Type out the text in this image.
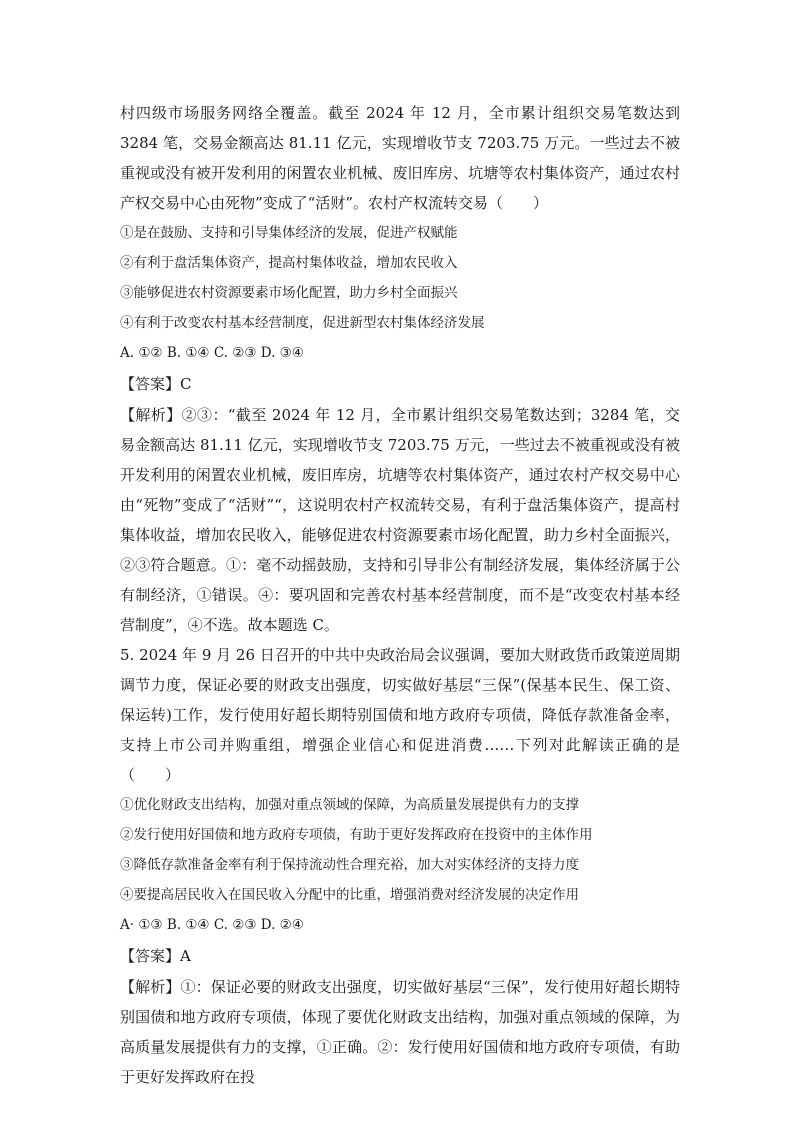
村四级市场服务网络全覆盖。截至 2024 年 12 月，全市累计组织交易笔数达到 3284 笔，交易金额高达 81.11 亿元，实现增收节支 7203.75 万元。一些过去不被重视或没有被开发利用的闲置农业机械、废旧库房、坑塘等农村集体资产，通过农村产权交易中心由死物”变成了“活财”。农村产权流转交易（　　）

①是在鼓励、支持和引导集体经济的发展，促进产权赋能

②有利于盘活集体资产，提高村集体收益，增加农民收入

③能够促进农村资源要素市场化配置，助力乡村全面振兴

④有利于改变农村基本经营制度，促进新型农村集体经济发展

A. ①② B. ①④ C. ②③ D. ③④

【答案】C

【解析】②③：“截至 2024 年 12 月，全市累计组织交易笔数达到；3284 笔，交易金额高达 81.11 亿元，实现增收节支 7203.75 万元，一些过去不被重视或没有被开发利用的闲置农业机械，废旧库房，坑塘等农村集体资产，通过农村产权交易中心由“死物”变成了“活财”“，这说明农村产权流转交易，有利于盘活集体资产，提高村集体收益，增加农民收入，能够促进农村资源要素市场化配置，助力乡村全面振兴，②③符合题意。①：毫不动摇鼓励，支持和引导非公有制经济发展，集体经济属于公有制经济，①错误。④：要巩固和完善农村基本经营制度，而不是“改变农村基本经营制度”，④不选。故本题选 C。

5. 2024 年 9 月 26 日召开的中共中央政治局会议强调，要加大财政货币政策逆周期调节力度，保证必要的财政支出强度，切实做好基层“三保”(保基本民生、保工资、保运转)工作，发行使用好超长期特别国债和地方政府专项债，降低存款准备金率，支持上市公司并购重组，增强企业信心和促进消费……下列对此解读正确的是（　　）

①优化财政支出结构，加强对重点领域的保障，为高质量发展提供有力的支撑

②发行使用好国债和地方政府专项债，有助于更好发挥政府在投资中的主体作用

③降低存款准备金率有利于保持流动性合理充裕，加大对实体经济的支持力度

④要提高居民收入在国民收入分配中的比重，增强消费对经济发展的决定作用

A· ①③ B. ①④ C. ②③ D. ②④

【答案】A

【解析】①：保证必要的财政支出强度，切实做好基层“三保”，发行使用好超长期特别国债和地方政府专项债，体现了要优化财政支出结构，加强对重点领域的保障，为高质量发展提供有力的支撑，①正确。②：发行使用好国债和地方政府专项债，有助于更好发挥政府在投
